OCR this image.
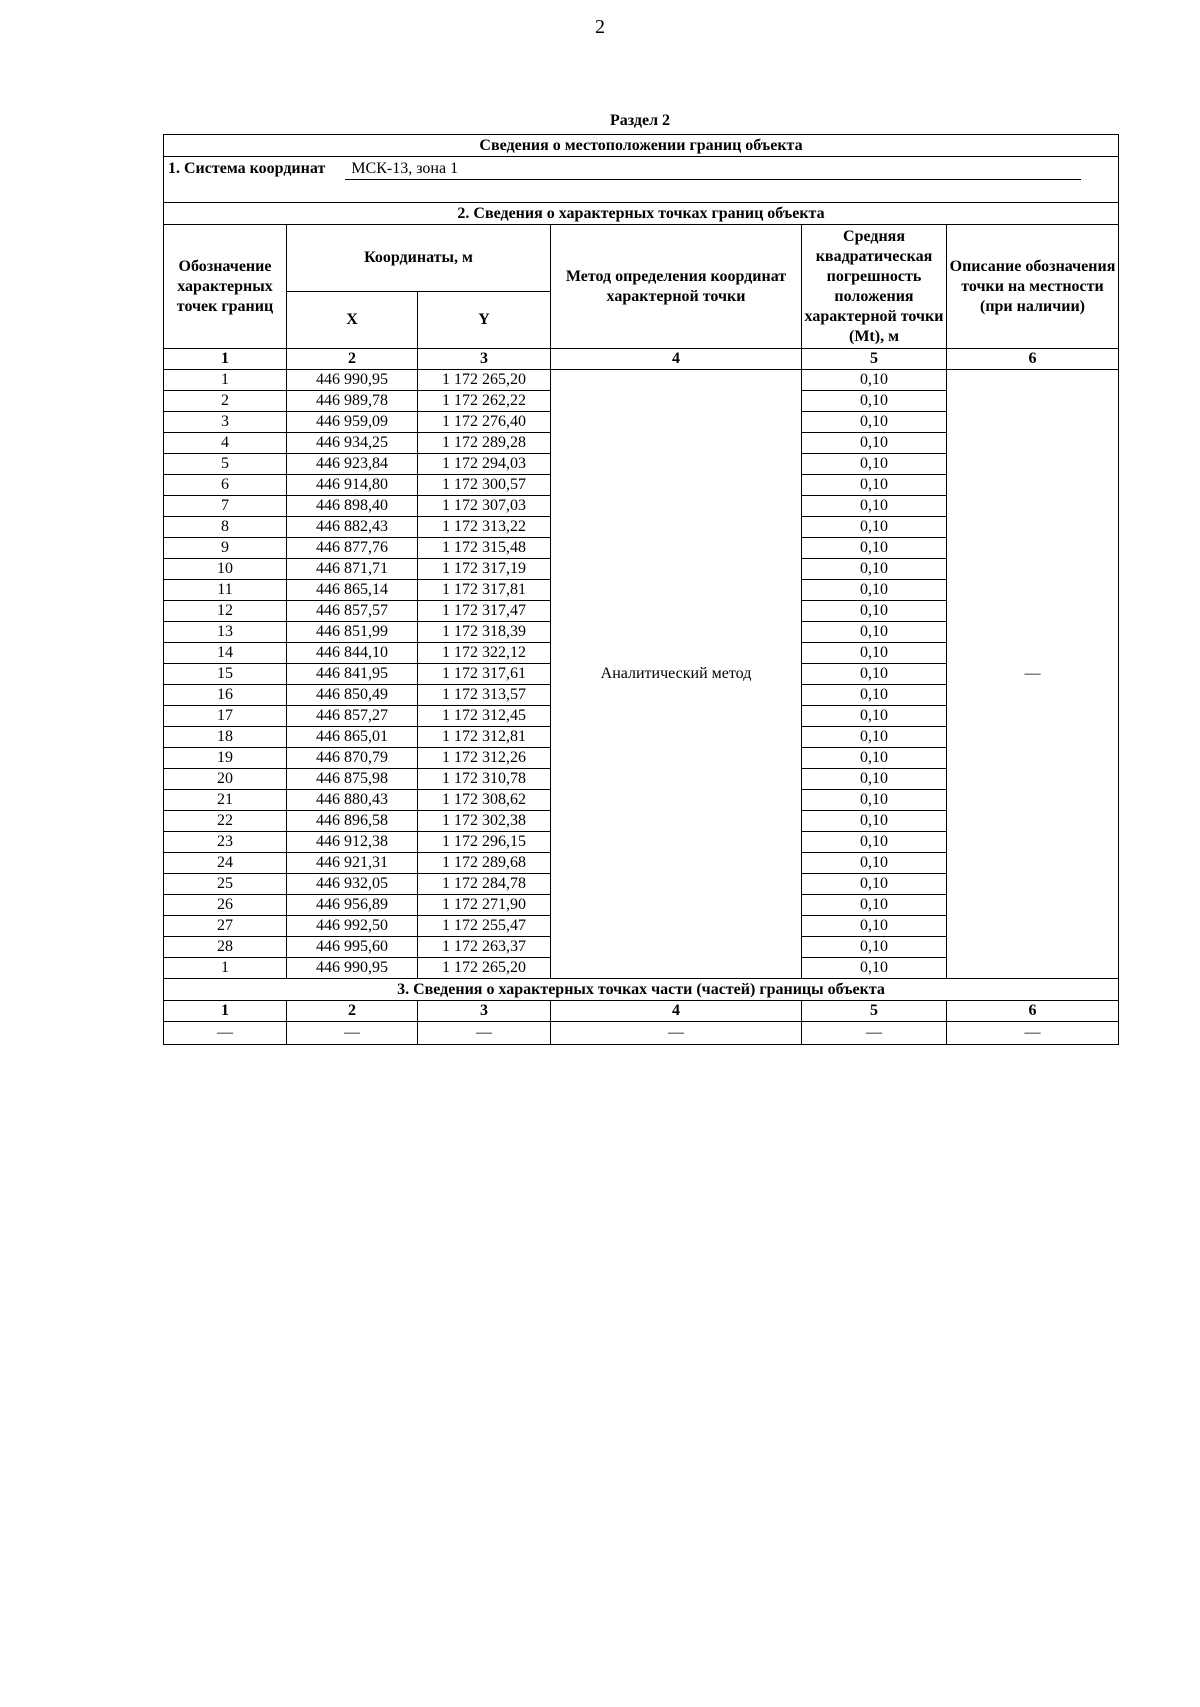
2
Раздел 2
Сведения о местоположении границ объекта					
1. Система координат МСК-13, зона 1					

2. Сведения о характерных точках границ объекта					
Обозначение характерных точек границ	Координаты, м		Метод определения координат характерной точки	Средняя квадратическая погрешность положения характерной точки (Mt), м	Описание обозначения точки на местности (при наличии)
	X	Y			
1	2	3	4	5	6
1	446 990,95	1 172 265,20	Аналитический метод	0,10	—
2	446 989,78	1 172 262,22		0,10	
3	446 959,09	1 172 276,40		0,10	
4	446 934,25	1 172 289,28		0,10	
5	446 923,84	1 172 294,03		0,10	
6	446 914,80	1 172 300,57		0,10	
7	446 898,40	1 172 307,03		0,10	
8	446 882,43	1 172 313,22		0,10	
9	446 877,76	1 172 315,48		0,10	
10	446 871,71	1 172 317,19		0,10	
11	446 865,14	1 172 317,81		0,10	
12	446 857,57	1 172 317,47		0,10	
13	446 851,99	1 172 318,39		0,10	
14	446 844,10	1 172 322,12		0,10	
15	446 841,95	1 172 317,61		0,10	
16	446 850,49	1 172 313,57		0,10	
17	446 857,27	1 172 312,45		0,10	
18	446 865,01	1 172 312,81		0,10	
19	446 870,79	1 172 312,26		0,10	
20	446 875,98	1 172 310,78		0,10	
21	446 880,43	1 172 308,62		0,10	
22	446 896,58	1 172 302,38		0,10	
23	446 912,38	1 172 296,15		0,10	
24	446 921,31	1 172 289,68		0,10	
25	446 932,05	1 172 284,78		0,10	
26	446 956,89	1 172 271,90		0,10	
27	446 992,50	1 172 255,47		0,10	
28	446 995,60	1 172 263,37		0,10	
1	446 990,95	1 172 265,20		0,10	
3. Сведения о характерных точках части (частей) границы объекта					
1	2	3	4	5	6
—	—	—	—	—	—
